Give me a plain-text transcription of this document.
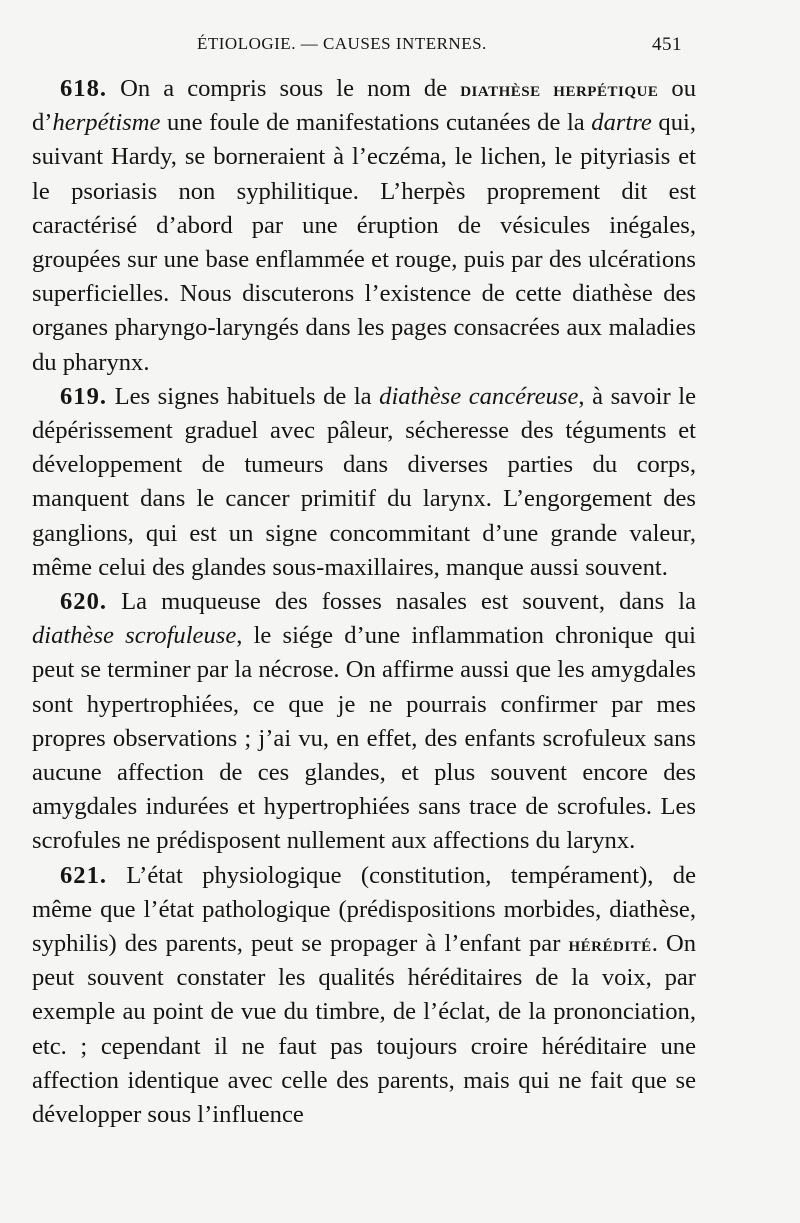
ÉTIOLOGIE. — CAUSES INTERNES.	451

618. On a compris sous le nom de diathèse herpétique ou d’herpétisme une foule de manifestations cutanées de la dartre qui, suivant Hardy, se borneraient à l’eczéma, le lichen, le pityriasis et le psoriasis non syphilitique. L’herpès proprement dit est caractérisé d’abord par une éruption de vésicules inégales, groupées sur une base enflammée et rouge, puis par des ulcérations superficielles. Nous discuterons l’existence de cette diathèse des organes pharyngo-laryngés dans les pages consacrées aux maladies du pharynx.

619. Les signes habituels de la diathèse cancéreuse, à savoir le dépérissement graduel avec pâleur, sécheresse des téguments et développement de tumeurs dans diverses parties du corps, manquent dans le cancer primitif du larynx. L’engorgement des ganglions, qui est un signe concommitant d’une grande valeur, même celui des glandes sous-maxillaires, manque aussi souvent.

620. La muqueuse des fosses nasales est souvent, dans la diathèse scrofuleuse, le siége d’une inflammation chronique qui peut se terminer par la nécrose. On affirme aussi que les amygdales sont hypertrophiées, ce que je ne pourrais confirmer par mes propres observations ; j’ai vu, en effet, des enfants scrofuleux sans aucune affection de ces glandes, et plus souvent encore des amygdales indurées et hypertrophiées sans trace de scrofules. Les scrofules ne prédisposent nullement aux affections du larynx.

621. L’état physiologique (constitution, tempérament), de même que l’état pathologique (prédispositions morbides, diathèse, syphilis) des parents, peut se propager à l’enfant par hérédité. On peut souvent constater les qualités héréditaires de la voix, par exemple au point de vue du timbre, de l’éclat, de la prononciation, etc. ; cependant il ne faut pas toujours croire héréditaire une affection identique avec celle des parents, mais qui ne fait que se développer sous l’influence
